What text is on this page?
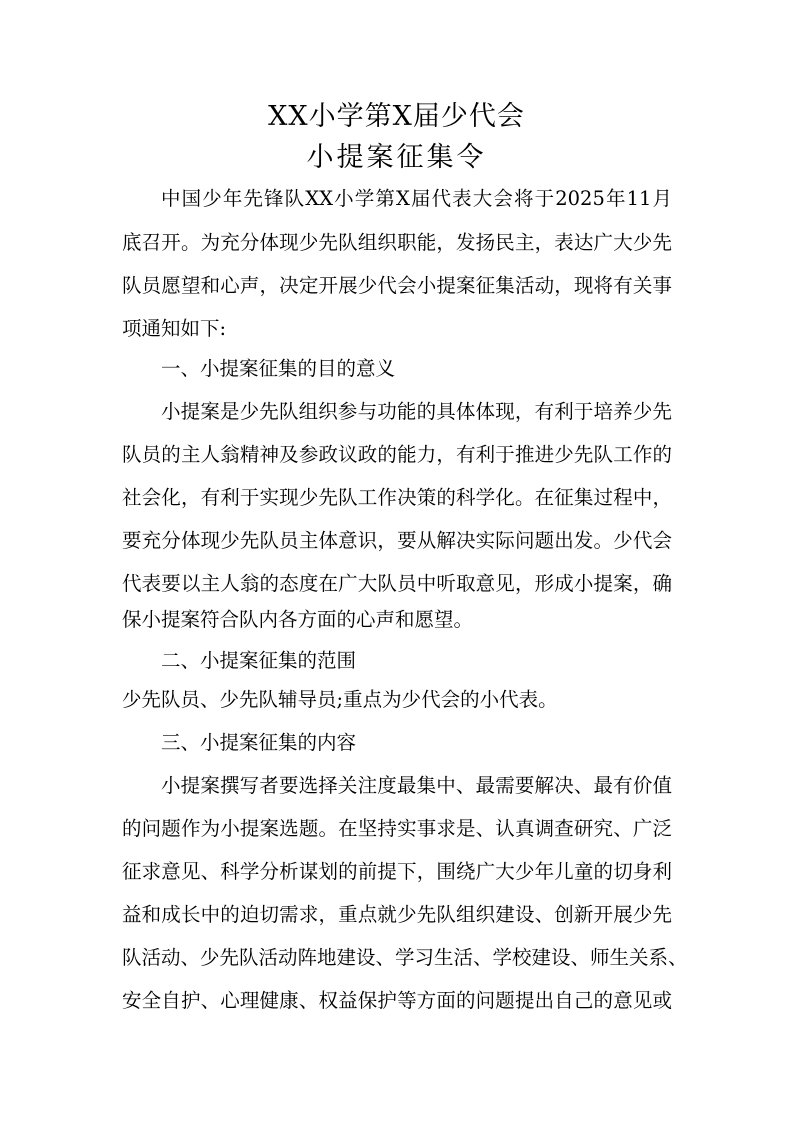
XX小学第X届少代会
小提案征集令
中国少年先锋队XX小学第X届代表大会将于2025年11月
底召开。为充分体现少先队组织职能，发扬民主，表达广大少先
队员愿望和心声，决定开展少代会小提案征集活动，现将有关事
项通知如下:
一、小提案征集的目的意义
小提案是少先队组织参与功能的具体体现，有利于培养少先
队员的主人翁精神及参政议政的能力，有利于推进少先队工作的
社会化，有利于实现少先队工作决策的科学化。在征集过程中，
要充分体现少先队员主体意识，要从解决实际问题出发。少代会
代表要以主人翁的态度在广大队员中听取意见，形成小提案，确
保小提案符合队内各方面的心声和愿望。
二、小提案征集的范围
少先队员、少先队辅导员;重点为少代会的小代表。
三、小提案征集的内容
小提案撰写者要选择关注度最集中、最需要解决、最有价值
的问题作为小提案选题。在坚持实事求是、认真调查研究、广泛
征求意见、科学分析谋划的前提下，围绕广大少年儿童的切身利
益和成长中的迫切需求，重点就少先队组织建设、创新开展少先
队活动、少先队活动阵地建设、学习生活、学校建设、师生关系、
安全自护、心理健康、权益保护等方面的问题提出自己的意见或
